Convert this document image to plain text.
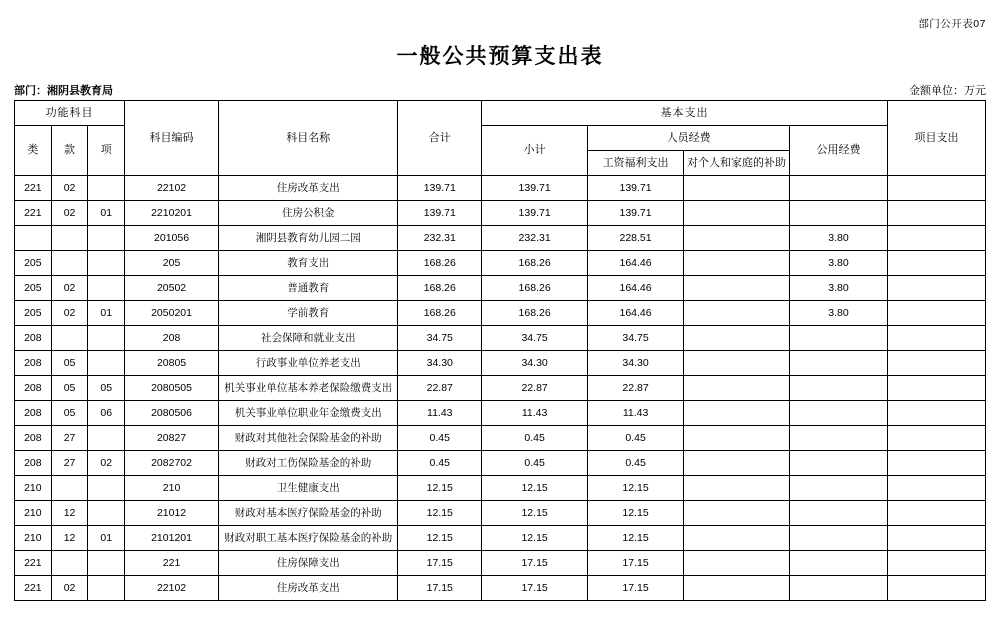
部门公开表07
一般公共预算支出表
部门：湘阴县教育局	金额单位：万元
功能科目			科目编码	科目名称	合计	基本支出				项目支出
类	款	项				小计	人员经费		公用经费	
							工资福利支出	对个人和家庭的补助		
221	02		22102	住房改革支出	139.71	139.71	139.71			
221	02	01	2210201	住房公积金	139.71	139.71	139.71			
			201056	湘阴县教育幼儿园二园	232.31	232.31	228.51		3.80	
205			205	教育支出	168.26	168.26	164.46		3.80	
205	02		20502	普通教育	168.26	168.26	164.46		3.80	
205	02	01	2050201	学前教育	168.26	168.26	164.46		3.80	
208			208	社会保障和就业支出	34.75	34.75	34.75			
208	05		20805	行政事业单位养老支出	34.30	34.30	34.30			
208	05	05	2080505	机关事业单位基本养老保险缴费支出	22.87	22.87	22.87			
208	05	06	2080506	机关事业单位职业年金缴费支出	11.43	11.43	11.43			
208	27		20827	财政对其他社会保险基金的补助	0.45	0.45	0.45			
208	27	02	2082702	财政对工伤保险基金的补助	0.45	0.45	0.45			
210			210	卫生健康支出	12.15	12.15	12.15			
210	12		21012	财政对基本医疗保险基金的补助	12.15	12.15	12.15			
210	12	01	2101201	财政对职工基本医疗保险基金的补助	12.15	12.15	12.15			
221			221	住房保障支出	17.15	17.15	17.15			
221	02		22102	住房改革支出	17.15	17.15	17.15			
